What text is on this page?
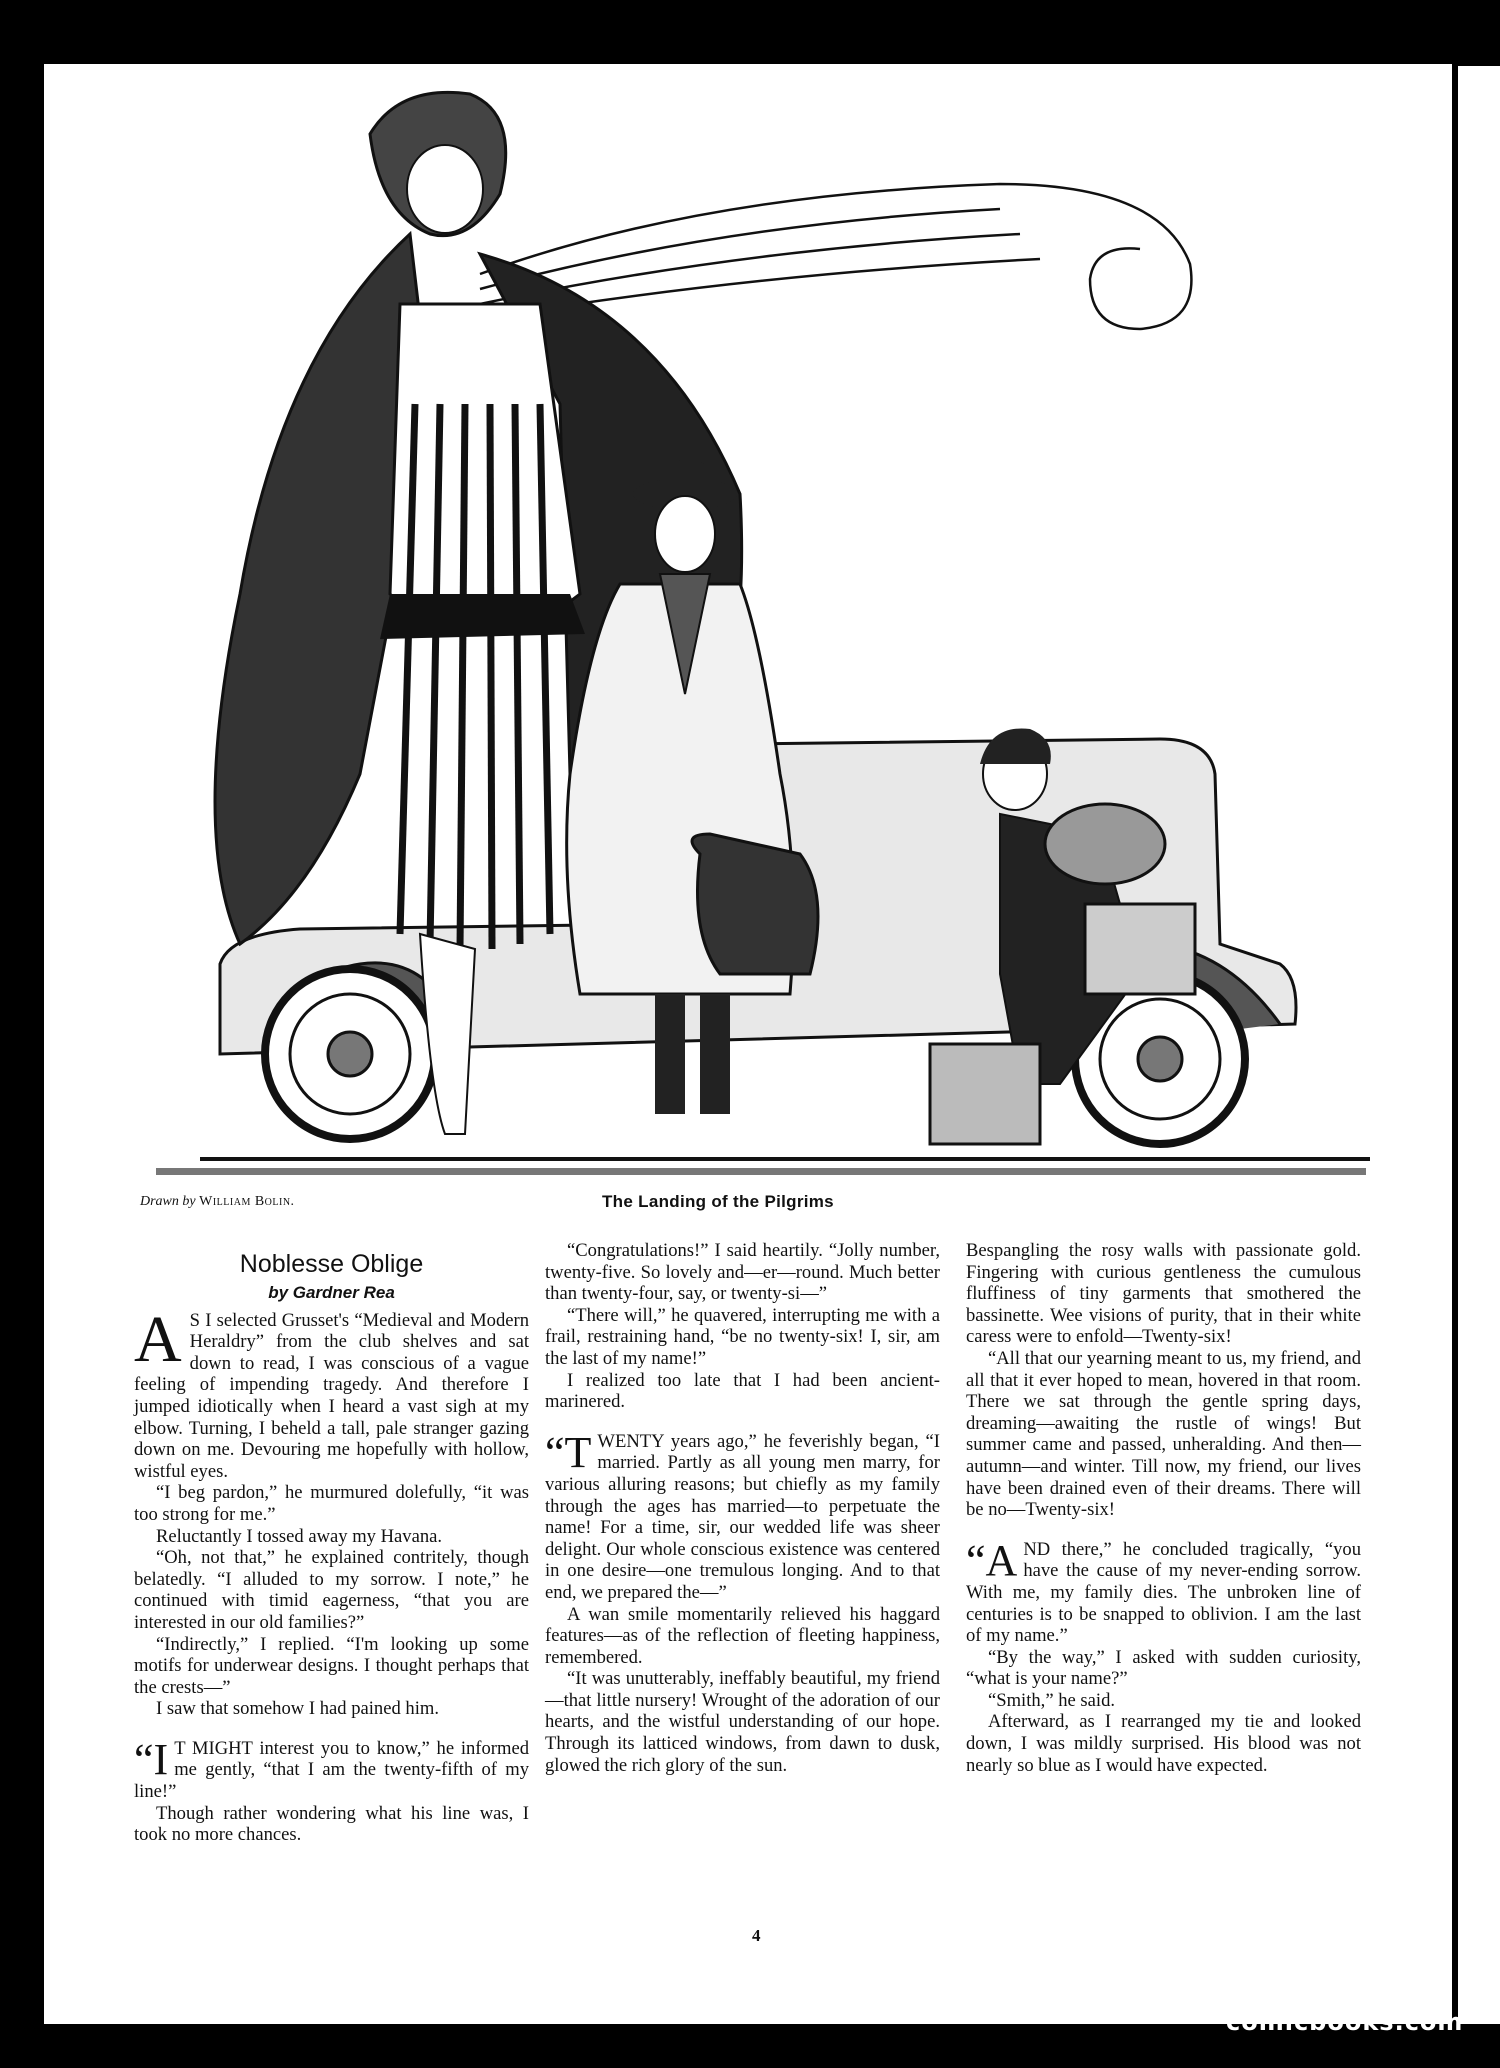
Drawn by William Bolin.	The Landing of the Pilgrims
Noblesse Oblige
by Gardner Rea

A S I selected Grusset's “Medieval and Modern Heraldry” from the club shelves and sat down to read, I was conscious of a vague feeling of impending tragedy. And therefore I jumped idiotically when I heard a vast sigh at my elbow. Turning, I beheld a tall, pale stranger gazing down on me. Devouring me hopefully with hollow, wistful eyes.

“I beg pardon,” he murmured dolefully, “it was too strong for me.”

Reluctantly I tossed away my Havana.

“Oh, not that,” he explained contritely, though belatedly. “I alluded to my sorrow. I note,” he continued with timid eagerness, “that you are interested in our old families?”

“Indirectly,” I replied. “I'm looking up some motifs for underwear designs. I thought perhaps that the crests—”

I saw that somehow I had pained him.

“I T MIGHT interest you to know,” he informed me gently, “that I am the twenty-fifth of my line!”

Though rather wondering what his line was, I took no more chances.

“Congratulations!” I said heartily. “Jolly number, twenty-five. So lovely and—er—round. Much better than twenty-four, say, or twenty-si—”

“There will,” he quavered, interrupting me with a frail, restraining hand, “be no twenty-six! I, sir, am the last of my name!”

I realized too late that I had been ancient-marinered.

“TWENTY years ago,” he feverishly began, “I married. Partly as all young men marry, for various alluring reasons; but chiefly as my family through the ages has married—to perpetuate the name! For a time, sir, our wedded life was sheer delight. Our whole conscious existence was centered in one desire—one tremulous longing. And to that end, we prepared the—”

A wan smile momentarily relieved his haggard features—as of the reflection of fleeting happiness, remembered.

“It was unutterably, ineffably beautiful, my friend—that little nursery! Wrought of the adoration of our hearts, and the wistful understanding of our hope. Through its latticed windows, from dawn to dusk, glowed the rich glory of the sun.

Bespangling the rosy walls with passionate gold. Fingering with curious gentleness the cumulous fluffiness of tiny garments that smothered the bassinette. Wee visions of purity, that in their white caress were to enfold—Twenty-six!

“All that our yearning meant to us, my friend, and all that it ever hoped to mean, hovered in that room. There we sat through the gentle spring days, dreaming—awaiting the rustle of wings! But summer came and passed, unheralding. And then—autumn—and winter. Till now, my friend, our lives have been drained even of their dreams. There will be no—Twenty-six!

“AND there,” he concluded tragically, “you have the cause of my never-ending sorrow. With me, my family dies. The unbroken line of centuries is to be snapped to oblivion. I am the last of my name.”

“By the way,” I asked with sudden curiosity, “what is your name?”

“Smith,” he said.

Afterward, as I rearranged my tie and looked down, I was mildly surprised. His blood was not nearly so blue as I would have expected.

4
comicbooks.com
